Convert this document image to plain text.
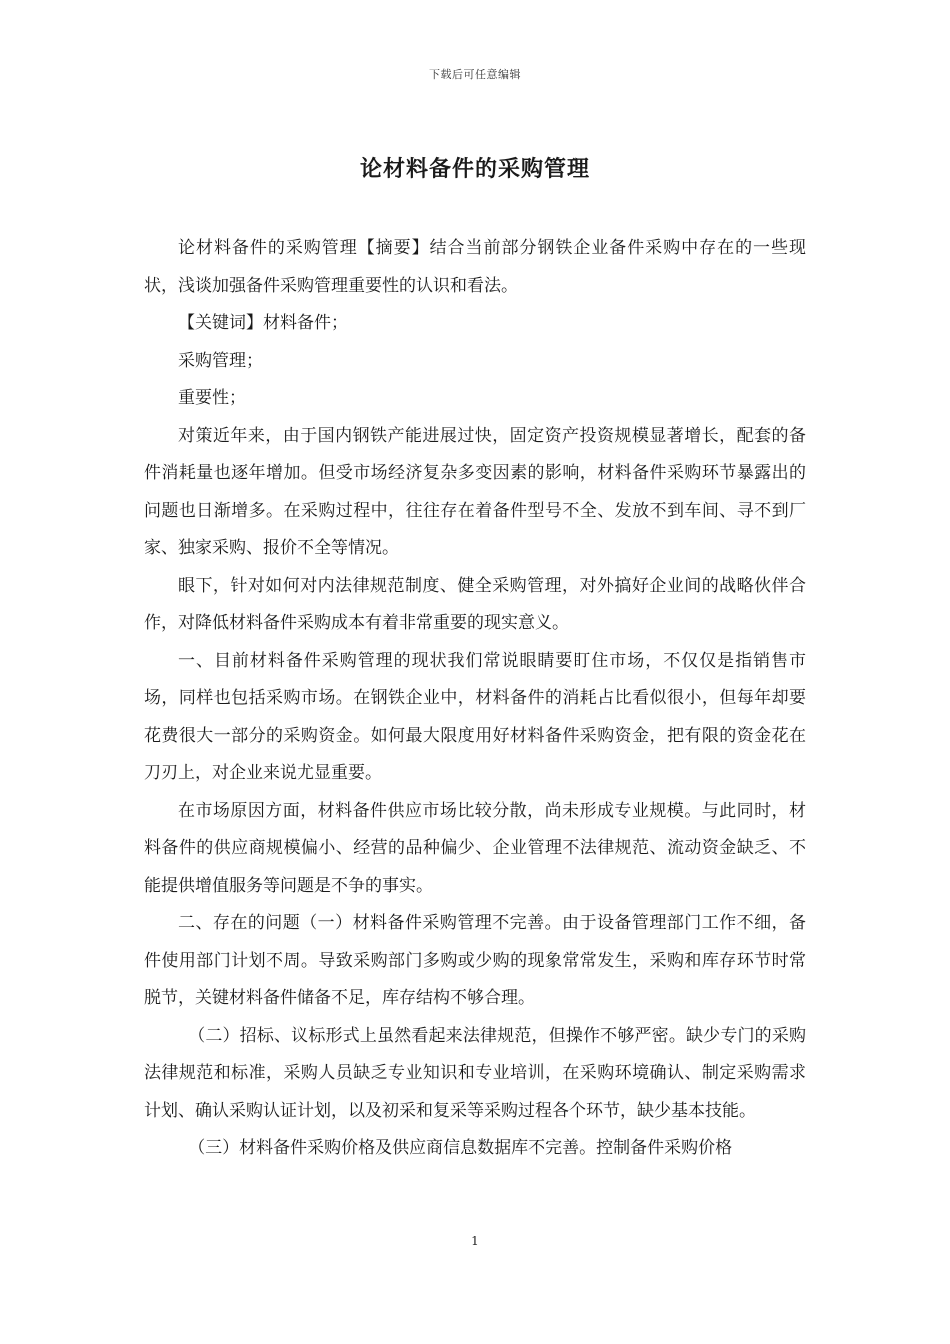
下载后可任意编辑
论材料备件的采购管理

论材料备件的采购管理【摘要】结合当前部分钢铁企业备件采购中存在的一些现状，浅谈加强备件采购管理重要性的认识和看法。

【关键词】材料备件；

采购管理；

重要性；

对策近年来，由于国内钢铁产能进展过快，固定资产投资规模显著增长，配套的备件消耗量也逐年增加。但受市场经济复杂多变因素的影响，材料备件采购环节暴露出的问题也日渐增多。在采购过程中，往往存在着备件型号不全、发放不到车间、寻不到厂家、独家采购、报价不全等情况。

眼下，针对如何对内法律规范制度、健全采购管理，对外搞好企业间的战略伙伴合作，对降低材料备件采购成本有着非常重要的现实意义。

一、目前材料备件采购管理的现状我们常说眼睛要盯住市场，不仅仅是指销售市场，同样也包括采购市场。在钢铁企业中，材料备件的消耗占比看似很小，但每年却要花费很大一部分的采购资金。如何最大限度用好材料备件采购资金，把有限的资金花在刀刃上，对企业来说尤显重要。

在市场原因方面，材料备件供应市场比较分散，尚未形成专业规模。与此同时，材料备件的供应商规模偏小、经营的品种偏少、企业管理不法律规范、流动资金缺乏、不能提供增值服务等问题是不争的事实。

二、存在的问题（一）材料备件采购管理不完善。由于设备管理部门工作不细，备件使用部门计划不周。导致采购部门多购或少购的现象常常发生，采购和库存环节时常脱节，关键材料备件储备不足，库存结构不够合理。

（二）招标、议标形式上虽然看起来法律规范，但操作不够严密。缺少专门的采购法律规范和标准，采购人员缺乏专业知识和专业培训，在采购环境确认、制定采购需求计划、确认采购认证计划，以及初采和复采等采购过程各个环节，缺少基本技能。

（三）材料备件采购价格及供应商信息数据库不完善。控制备件采购价格

1
